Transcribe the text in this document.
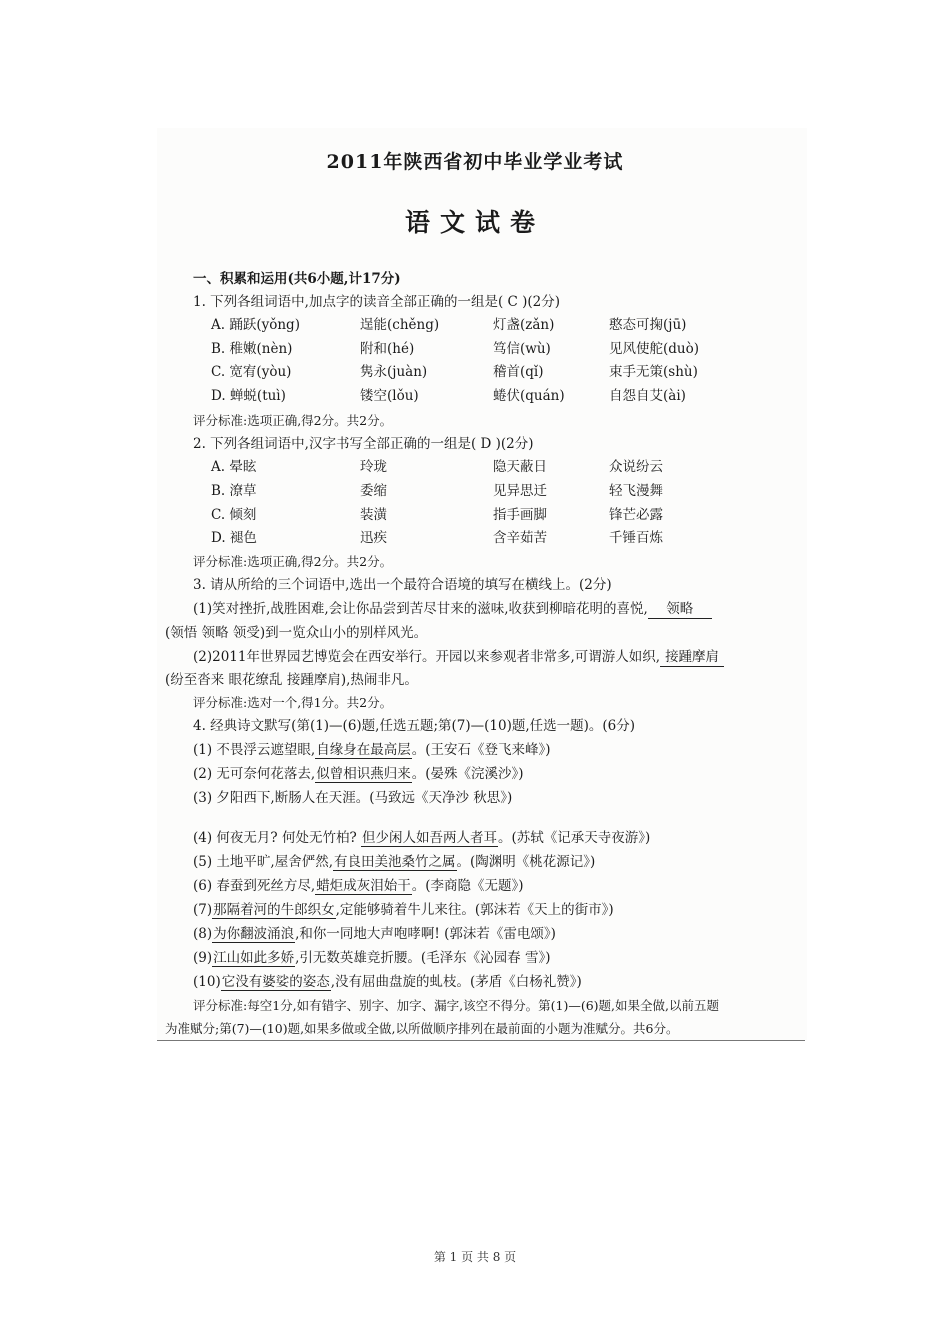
2011年陕西省初中毕业学业考试
语文试卷
一、积累和运用(共6小题,计17分)
1. 下列各组词语中,加点字的读音全部正确的一组是( C )(2分)
A. 踊跃(yǒng)	逞能(chěng)	灯盏(zǎn)	憨态可掬(jū)
B. 稚嫩(nèn)	附和(hé)	笃信(wù)	见风使舵(duò)
C. 宽宥(yòu)	隽永(juàn)	稽首(qǐ)	束手无策(shù)
D. 蝉蜕(tuì)	镂空(lǒu)	蜷伏(quán)	自怨自艾(ài)
评分标准:选项正确,得2分。共2分。
2. 下列各组词语中,汉字书写全部正确的一组是( D )(2分)
A. 晕眩	玲珑	隐天蔽日	众说纷云
B. 潦草	委缩	见异思迁	轻飞漫舞
C. 倾刻	装潢	指手画脚	锋芒必露
D. 褪色	迅疾	含辛茹苦	千锤百炼
评分标准:选项正确,得2分。共2分。
3. 请从所给的三个词语中,选出一个最符合语境的填写在横线上。(2分)
(1)笑对挫折,战胜困难,会让你品尝到苦尽甘来的滋味,收获到柳暗花明的喜悦, 领略
(领悟 领略 领受)到一览众山小的别样风光。
(2)2011年世界园艺博览会在西安举行。开园以来参观者非常多,可谓游人如织, 接踵摩肩
(纷至沓来 眼花缭乱 接踵摩肩),热闹非凡。
评分标准:选对一个,得1分。共2分。
4. 经典诗文默写(第(1)—(6)题,任选五题;第(7)—(10)题,任选一题)。(6分)
(1) 不畏浮云遮望眼,自缘身在最高层。(王安石《登飞来峰》)
(2) 无可奈何花落去,似曾相识燕归来。(晏殊《浣溪沙》)
(3) 夕阳西下,断肠人在天涯。(马致远《天净沙 秋思》)
(4) 何夜无月? 何处无竹柏? 但少闲人如吾两人者耳。(苏轼《记承天寺夜游》)
(5) 土地平旷,屋舍俨然,有良田美池桑竹之属。(陶渊明《桃花源记》)
(6) 春蚕到死丝方尽,蜡炬成灰泪始干。(李商隐《无题》)
(7)那隔着河的牛郎织女,定能够骑着牛儿来往。(郭沫若《天上的街市》)
(8)为你翻波涌浪,和你一同地大声咆哮啊! (郭沫若《雷电颂》)
(9)江山如此多娇,引无数英雄竞折腰。(毛泽东《沁园春 雪》)
(10)它没有婆娑的姿态,没有屈曲盘旋的虬枝。(茅盾《白杨礼赞》)
评分标准:每空1分,如有错字、别字、加字、漏字,该空不得分。第(1)—(6)题,如果全做,以前五题
为准赋分;第(7)—(10)题,如果多做或全做,以所做顺序排列在最前面的小题为准赋分。共6分。
第 1 页 共 8 页
